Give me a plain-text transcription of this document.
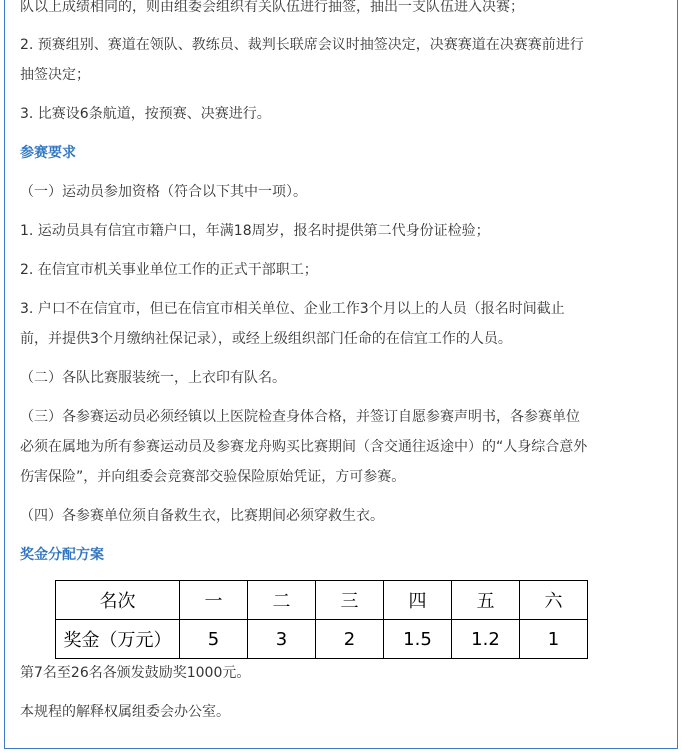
队以上成绩相同的，则由组委会组织有关队伍进行抽签，抽出一支队伍进入决赛；
2. 预赛组别、赛道在领队、教练员、裁判长联席会议时抽签决定，决赛赛道在决赛赛前进行
抽签决定；
3. 比赛设6条航道，按预赛、决赛进行。
参赛要求
（一）运动员参加资格（符合以下其中一项）。
1. 运动员具有信宜市籍户口，年满18周岁，报名时提供第二代身份证检验；
2. 在信宜市机关事业单位工作的正式干部职工；
3. 户口不在信宜市，但已在信宜市相关单位、企业工作3个月以上的人员（报名时间截止
前，并提供3个月缴纳社保记录），或经上级组织部门任命的在信宜工作的人员。
（二）各队比赛服装统一，上衣印有队名。
（三）各参赛运动员必须经镇以上医院检查身体合格，并签订自愿参赛声明书，各参赛单位
必须在属地为所有参赛运动员及参赛龙舟购买比赛期间（含交通往返途中）的“人身综合意外
伤害保险”，并向组委会竞赛部交验保险原始凭证，方可参赛。
（四）各参赛单位须自备救生衣，比赛期间必须穿救生衣。
奖金分配方案
第7名至26名各颁发鼓励奖1000元。
本规程的解释权属组委会办公室。
名次	一	二	三	四	五	六
奖金（万元）	5	3	2	1.5	1.2	1
